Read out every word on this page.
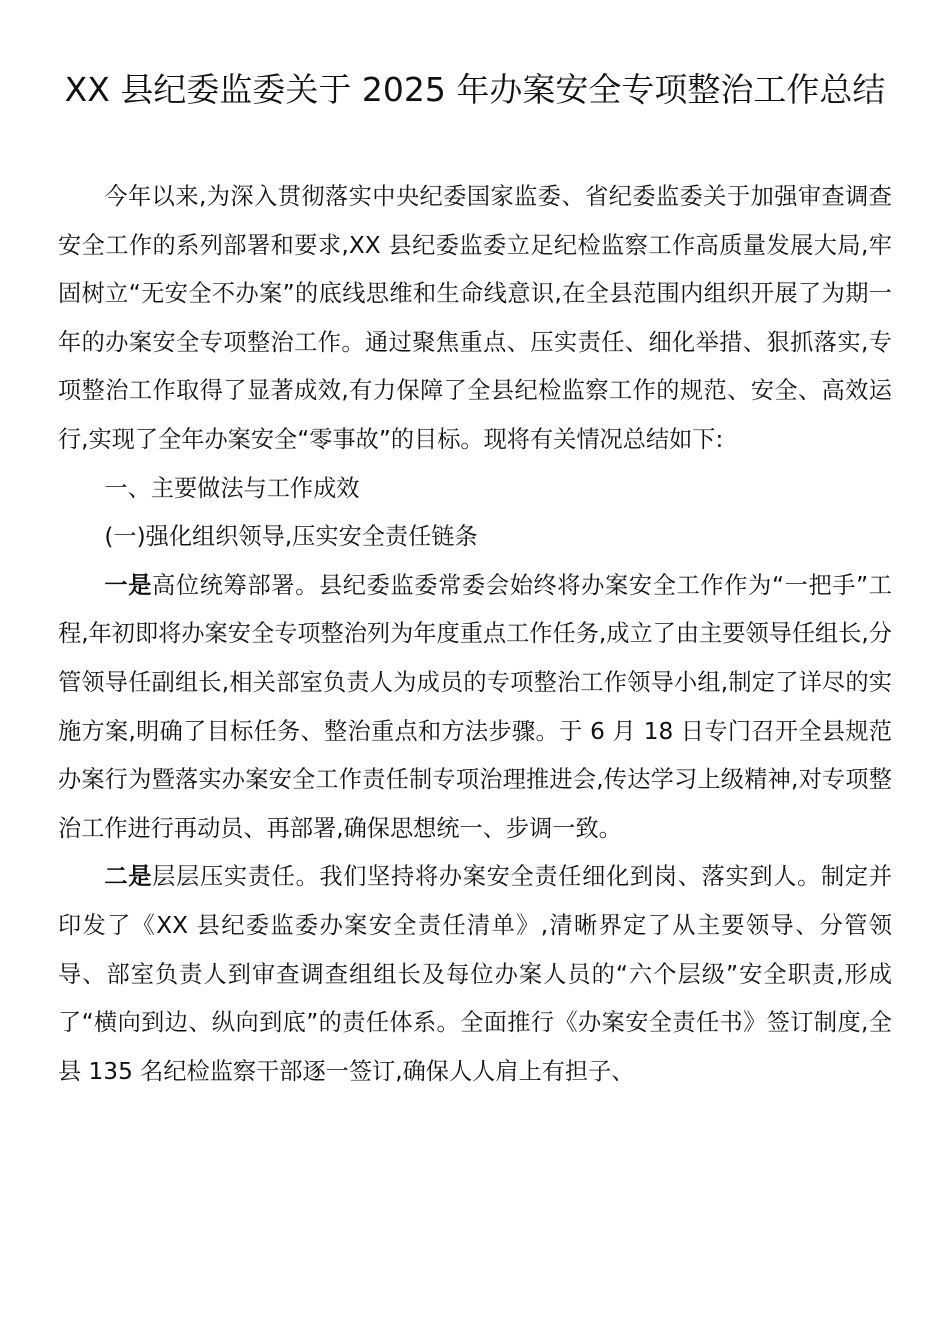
XX 县纪委监委关于 2025 年办案安全专项整治工作总结

今年以来,为深入贯彻落实中央纪委国家监委、省纪委监委关于加强审查调查安全工作的系列部署和要求,XX 县纪委监委立足纪检监察工作高质量发展大局,牢固树立“无安全不办案”的底线思维和生命线意识,在全县范围内组织开展了为期一年的办案安全专项整治工作。通过聚焦重点、压实责任、细化举措、狠抓落实,专项整治工作取得了显著成效,有力保障了全县纪检监察工作的规范、安全、高效运行,实现了全年办案安全“零事故”的目标。现将有关情况总结如下:

一、主要做法与工作成效

(一)强化组织领导,压实安全责任链条

一是高位统筹部署。县纪委监委常委会始终将办案安全工作作为“一把手”工程,年初即将办案安全专项整治列为年度重点工作任务,成立了由主要领导任组长,分管领导任副组长,相关部室负责人为成员的专项整治工作领导小组,制定了详尽的实施方案,明确了目标任务、整治重点和方法步骤。于 6 月 18 日专门召开全县规范办案行为暨落实办案安全工作责任制专项治理推进会,传达学习上级精神,对专项整治工作进行再动员、再部署,确保思想统一、步调一致。

二是层层压实责任。我们坚持将办案安全责任细化到岗、落实到人。制定并印发了《XX 县纪委监委办案安全责任清单》,清晰界定了从主要领导、分管领导、部室负责人到审查调查组组长及每位办案人员的“六个层级”安全职责,形成了“横向到边、纵向到底”的责任体系。全面推行《办案安全责任书》签订制度,全县 135 名纪检监察干部逐一签订,确保人人肩上有担子、
